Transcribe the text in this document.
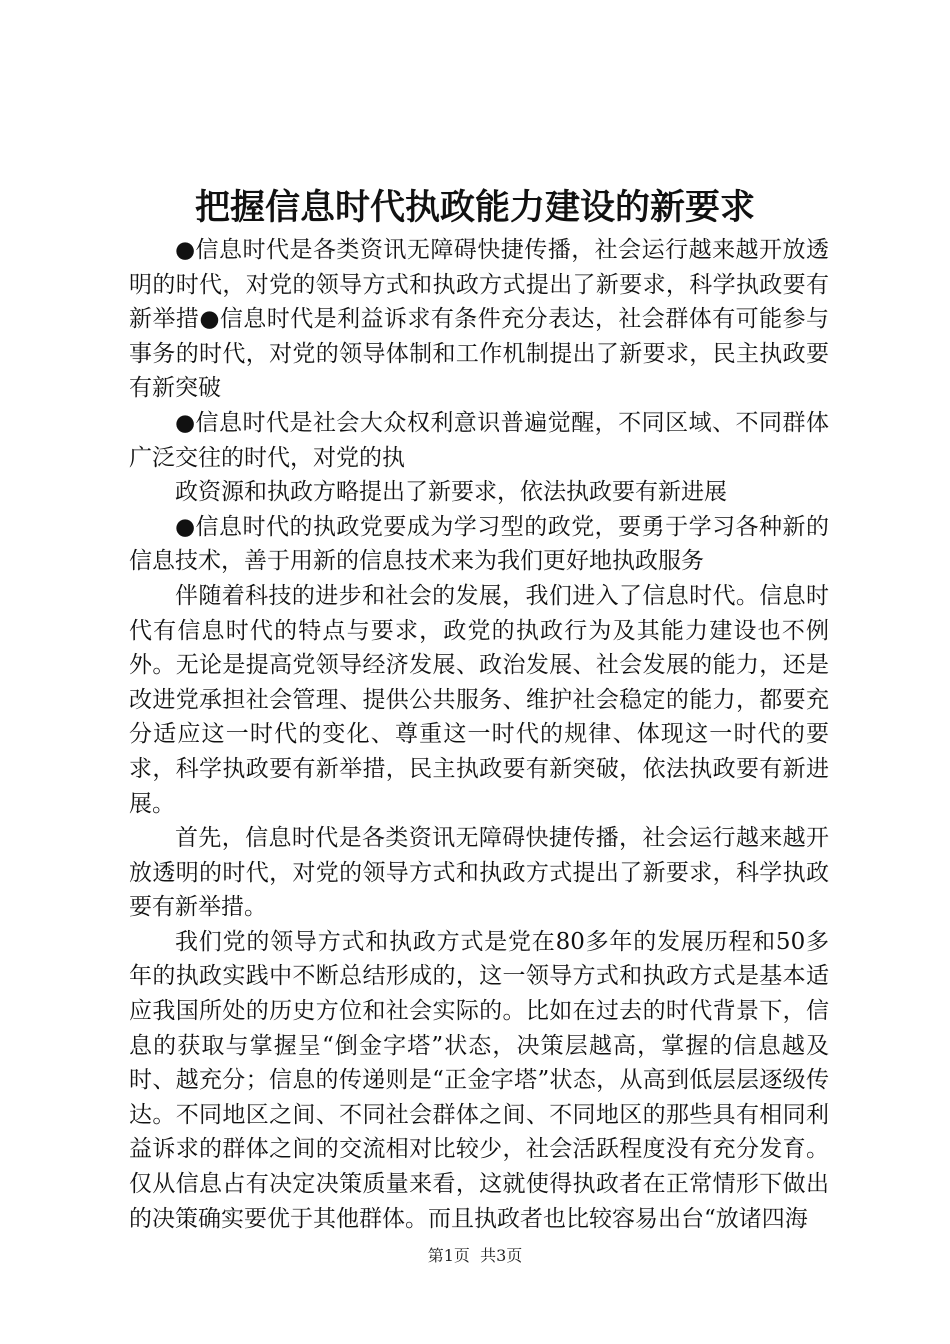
把握信息时代执政能力建设的新要求

●信息时代是各类资讯无障碍快捷传播，社会运行越来越开放透明的时代，对党的领导方式和执政方式提出了新要求，科学执政要有新举措●信息时代是利益诉求有条件充分表达，社会群体有可能参与事务的时代，对党的领导体制和工作机制提出了新要求，民主执政要有新突破

●信息时代是社会大众权利意识普遍觉醒，不同区域、不同群体广泛交往的时代，对党的执

政资源和执政方略提出了新要求，依法执政要有新进展

●信息时代的执政党要成为学习型的政党，要勇于学习各种新的信息技术，善于用新的信息技术来为我们更好地执政服务

伴随着科技的进步和社会的发展，我们进入了信息时代。信息时代有信息时代的特点与要求，政党的执政行为及其能力建设也不例外。无论是提高党领导经济发展、政治发展、社会发展的能力，还是改进党承担社会管理、提供公共服务、维护社会稳定的能力，都要充分适应这一时代的变化、尊重这一时代的规律、体现这一时代的要求，科学执政要有新举措，民主执政要有新突破，依法执政要有新进展。

首先，信息时代是各类资讯无障碍快捷传播，社会运行越来越开放透明的时代，对党的领导方式和执政方式提出了新要求，科学执政要有新举措。

我们党的领导方式和执政方式是党在80多年的发展历程和50多年的执政实践中不断总结形成的，这一领导方式和执政方式是基本适应我国所处的历史方位和社会实际的。比如在过去的时代背景下，信息的获取与掌握呈“倒金字塔”状态，决策层越高，掌握的信息越及时、越充分；信息的传递则是“正金字塔”状态，从高到低层层逐级传达。不同地区之间、不同社会群体之间、不同地区的那些具有相同利益诉求的群体之间的交流相对比较少，社会活跃程度没有充分发育。仅从信息占有决定决策质量来看，这就使得执政者在正常情形下做出的决策确实要优于其他群体。而且执政者也比较容易出台“放诸四海

第1页  共3页
